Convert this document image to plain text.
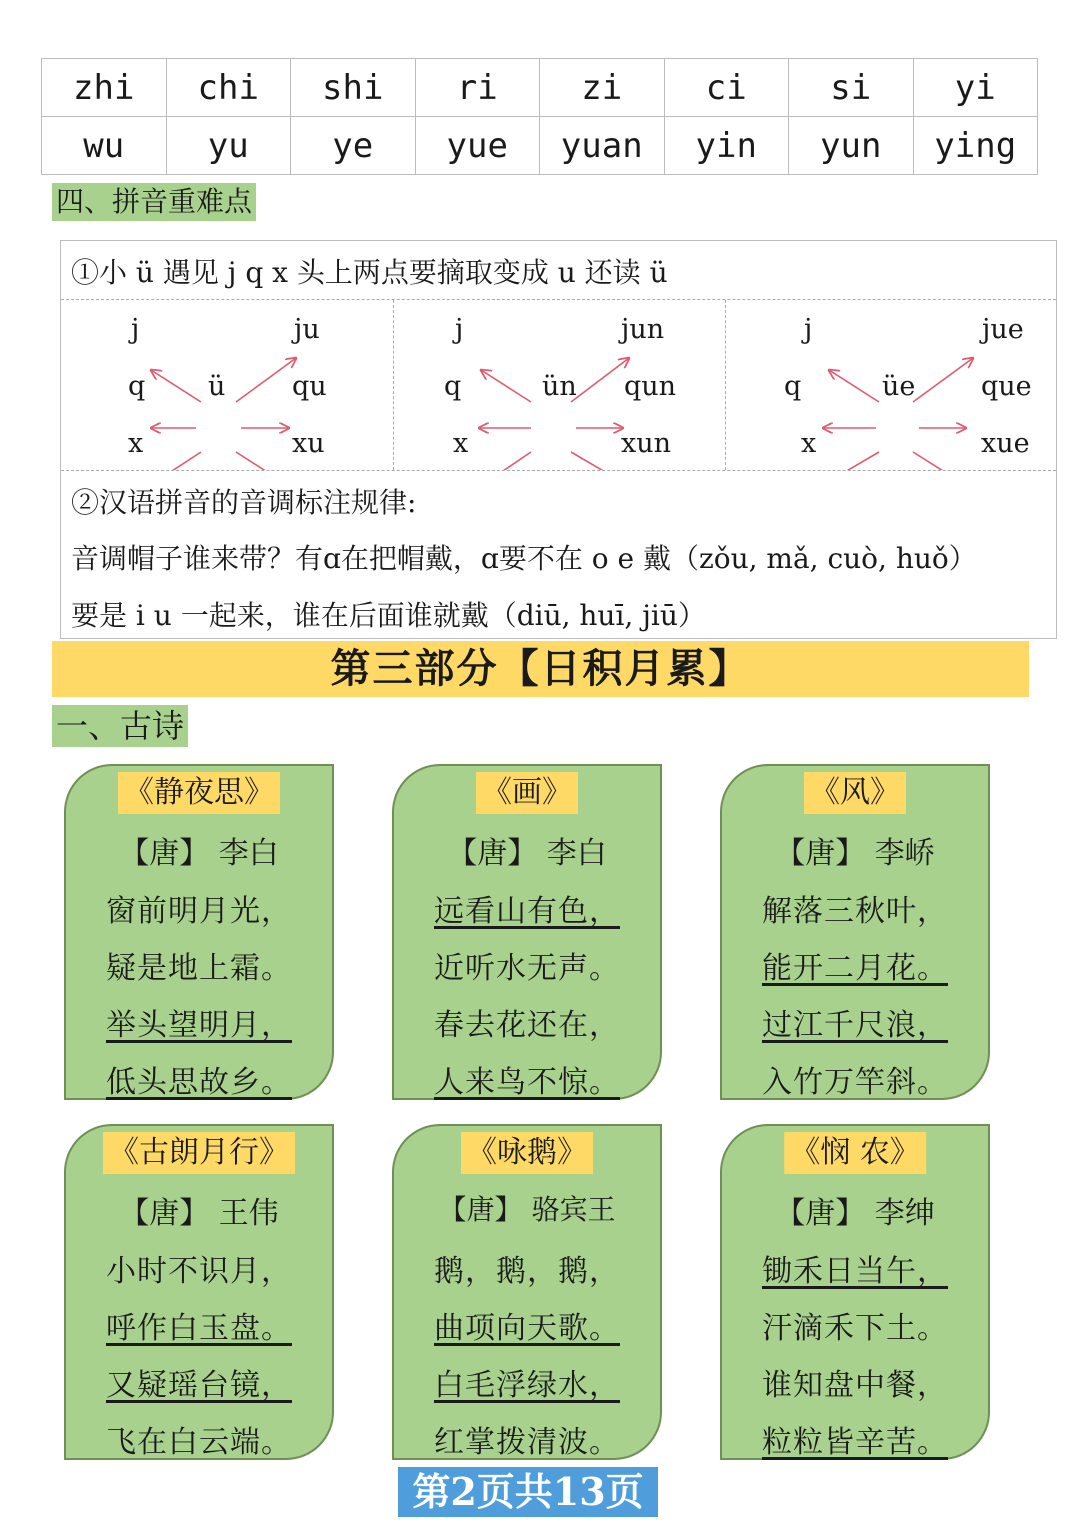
zhi	chi	shi	ri	zi	ci	si	yi
wu	yu	ye	yue	yuan	yin	yun	ying
四、拼音重难点
①小 ü 遇见 j q x 头上两点要摘取变成 u 还读 ü
j
q
x
ü
ju
qu
xu
j
q
x
ün
jun
qun
xun
j
q
x
üe
jue
que
xue
②汉语拼音的音调标注规律:
音调帽子谁来带？有ɑ在把帽戴，ɑ要不在 o e 戴（zǒu, mǎ, cuò, huǒ）
要是 i u 一起来，谁在后面谁就戴（diū, huī, jiū）
第三部分【日积月累】
一、古诗
《静夜思》
【唐】 李白
窗前明月光，
疑是地上霜。
举头望明月，
低头思故乡。
《画》
【唐】 李白
远看山有色，
近听水无声。
春去花还在，
人来鸟不惊。
《风》
【唐】 李峤
解落三秋叶，
能开二月花。
过江千尺浪，
入竹万竿斜。
《古朗月行》
【唐】 王伟
小时不识月，
呼作白玉盘。
又疑瑶台镜，
飞在白云端。
《咏鹅》
【唐】 骆宾王
鹅，鹅，鹅，
曲项向天歌。
白毛浮绿水，
红掌拨清波。
《悯 农》
【唐】 李绅
锄禾日当午，
汗滴禾下土。
谁知盘中餐，
粒粒皆辛苦。
第2页共13页
